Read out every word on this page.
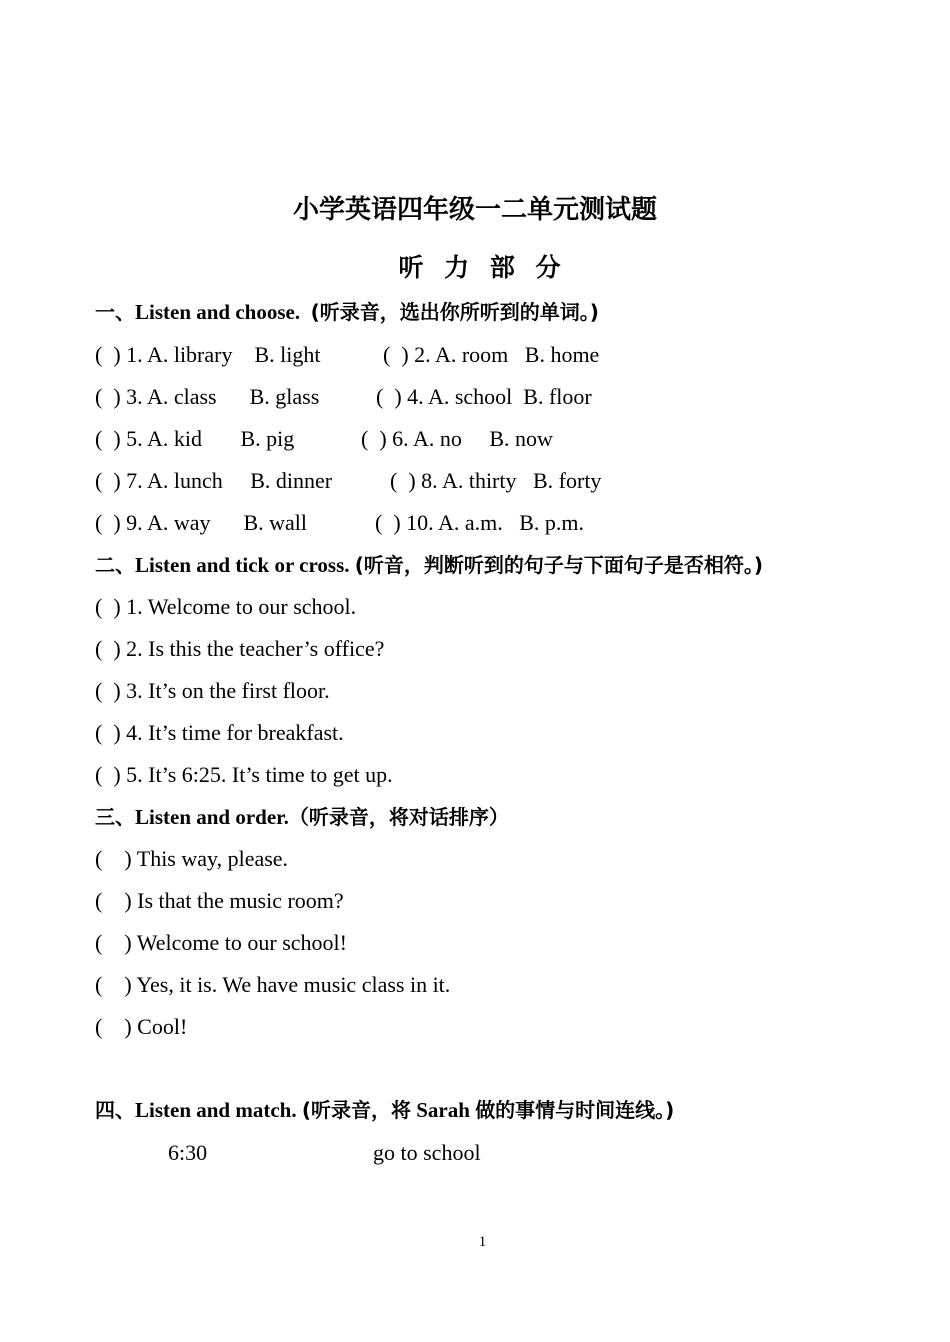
小学英语四年级一二单元测试题
听 力 部 分
一、Listen and choose. (听录音，选出你所听到的单词。)
(  ) 1. A. library    B. light	(  ) 2. A. room   B. home
(  ) 3. A. class      B. glass	(  ) 4. A. school  B. floor
(  ) 5. A. kid       B. pig	(  ) 6. A. no     B. now
(  ) 7. A. lunch     B. dinner	(  ) 8. A. thirty   B. forty
(  ) 9. A. way      B. wall	(  ) 10. A. a.m.   B. p.m.
二、Listen and tick or cross. (听音，判断听到的句子与下面句子是否相符。)
(  ) 1. Welcome to our school.
(  ) 2. Is this the teacher’s office?
(  ) 3. It’s on the first floor.
(  ) 4. It’s time for breakfast.
(  ) 5. It’s 6:25. It’s time to get up.
三、Listen and order.（听录音，将对话排序）
(    ) This way, please.
(    ) Is that the music room?
(    ) Welcome to our school!
(    ) Yes, it is. We have music class in it.
(    ) Cool!
四、Listen and match. (听录音，将 Sarah 做的事情与时间连线。)
6:30	go to school
1
